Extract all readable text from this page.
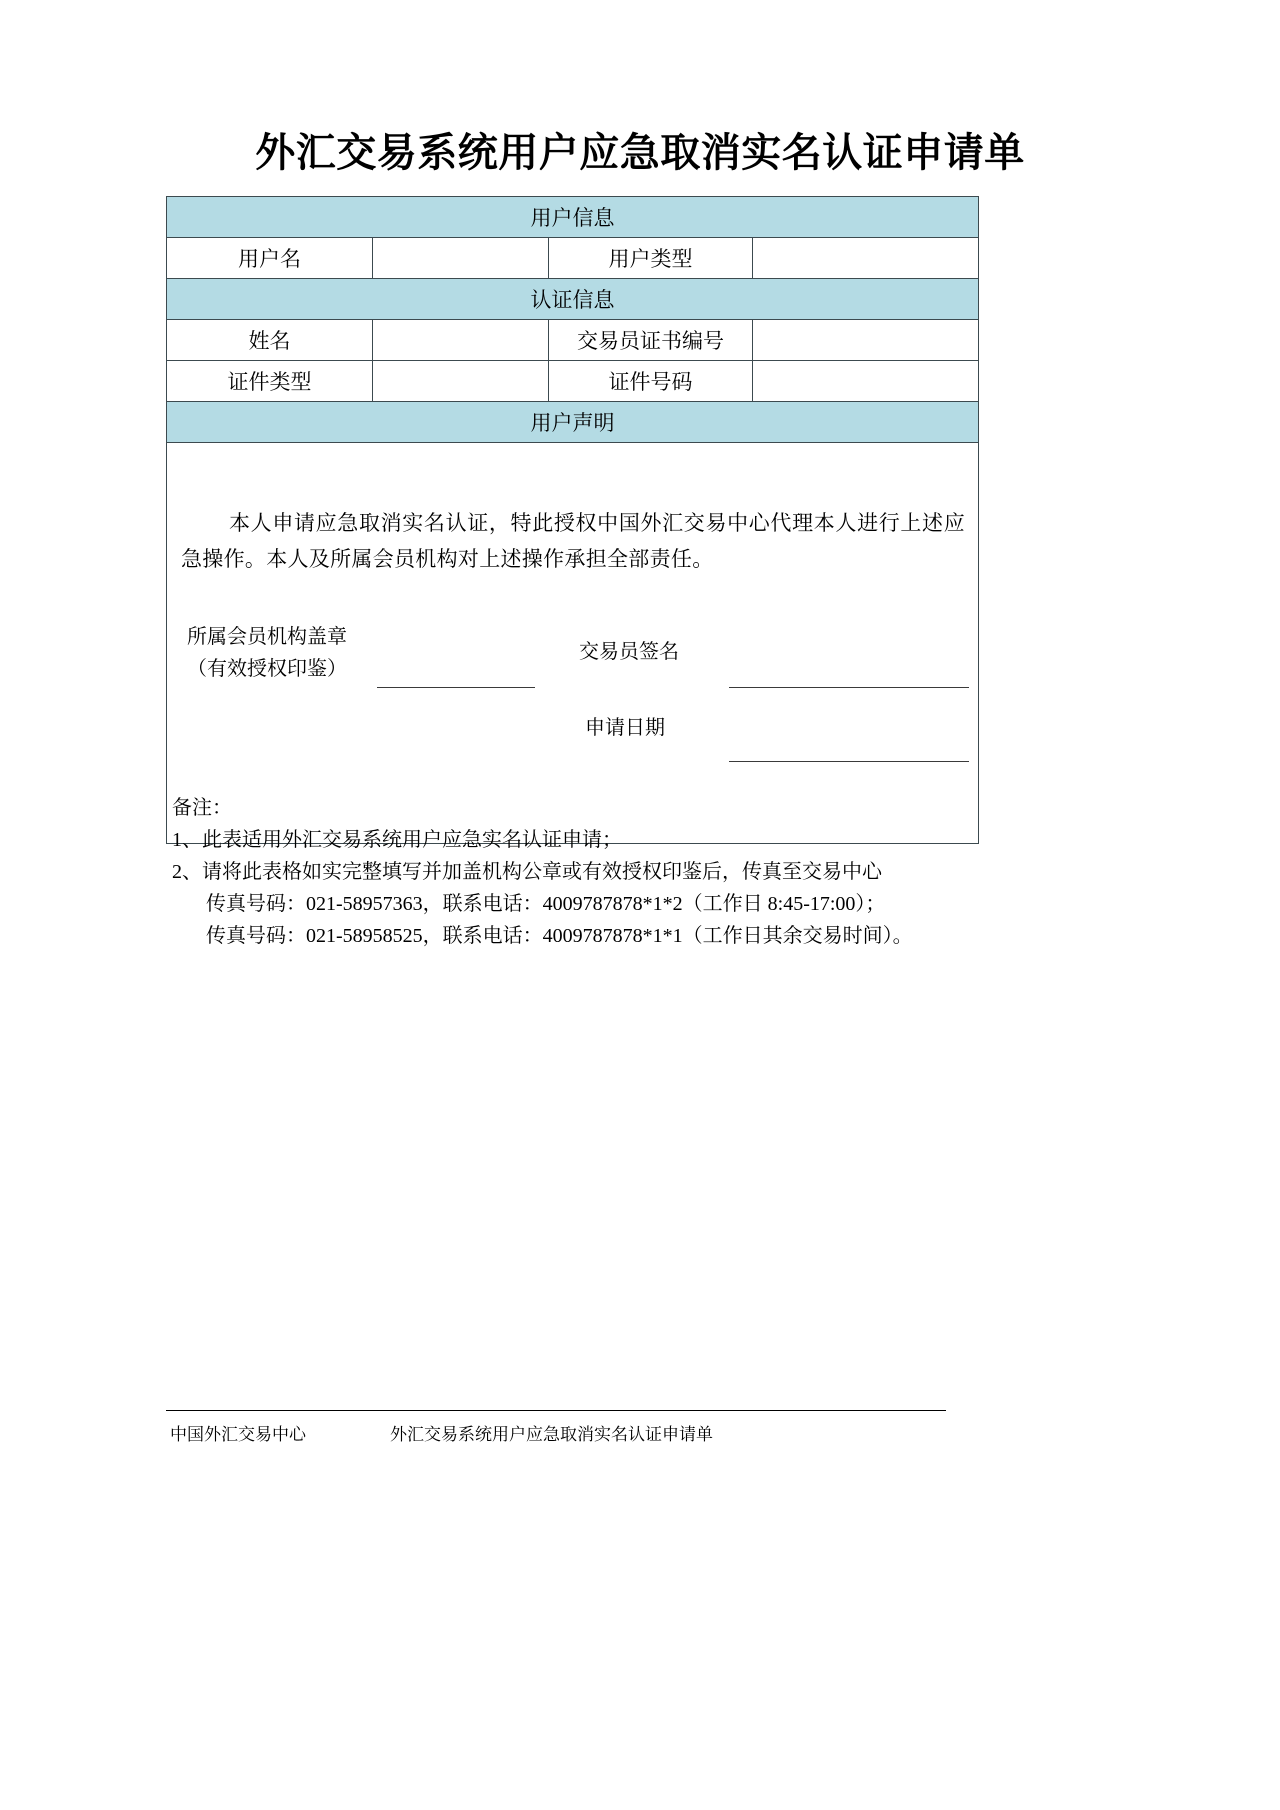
外汇交易系统用户应急取消实名认证申请单
用户信息			
用户名		用户类型	
认证信息			
姓名		交易员证书编号	
证件类型		证件号码	
用户声明			

本人申请应急取消实名认证，特此授权中国外汇交易中心代理本人进行上述应急操作。本人及所属会员机构对上述操作承担全部责任。
所属会员机构盖章
（有效授权印鉴）
交易员签名
申请日期			
备注：
1、此表适用外汇交易系统用户应急实名认证申请；
2、请将此表格如实完整填写并加盖机构公章或有效授权印鉴后，传真至交易中心
传真号码：021-58957363，联系电话：4009787878*1*2（工作日 8:45-17:00）；
传真号码：021-58958525，联系电话：4009787878*1*1（工作日其余交易时间）。
中国外汇交易中心	外汇交易系统用户应急取消实名认证申请单
